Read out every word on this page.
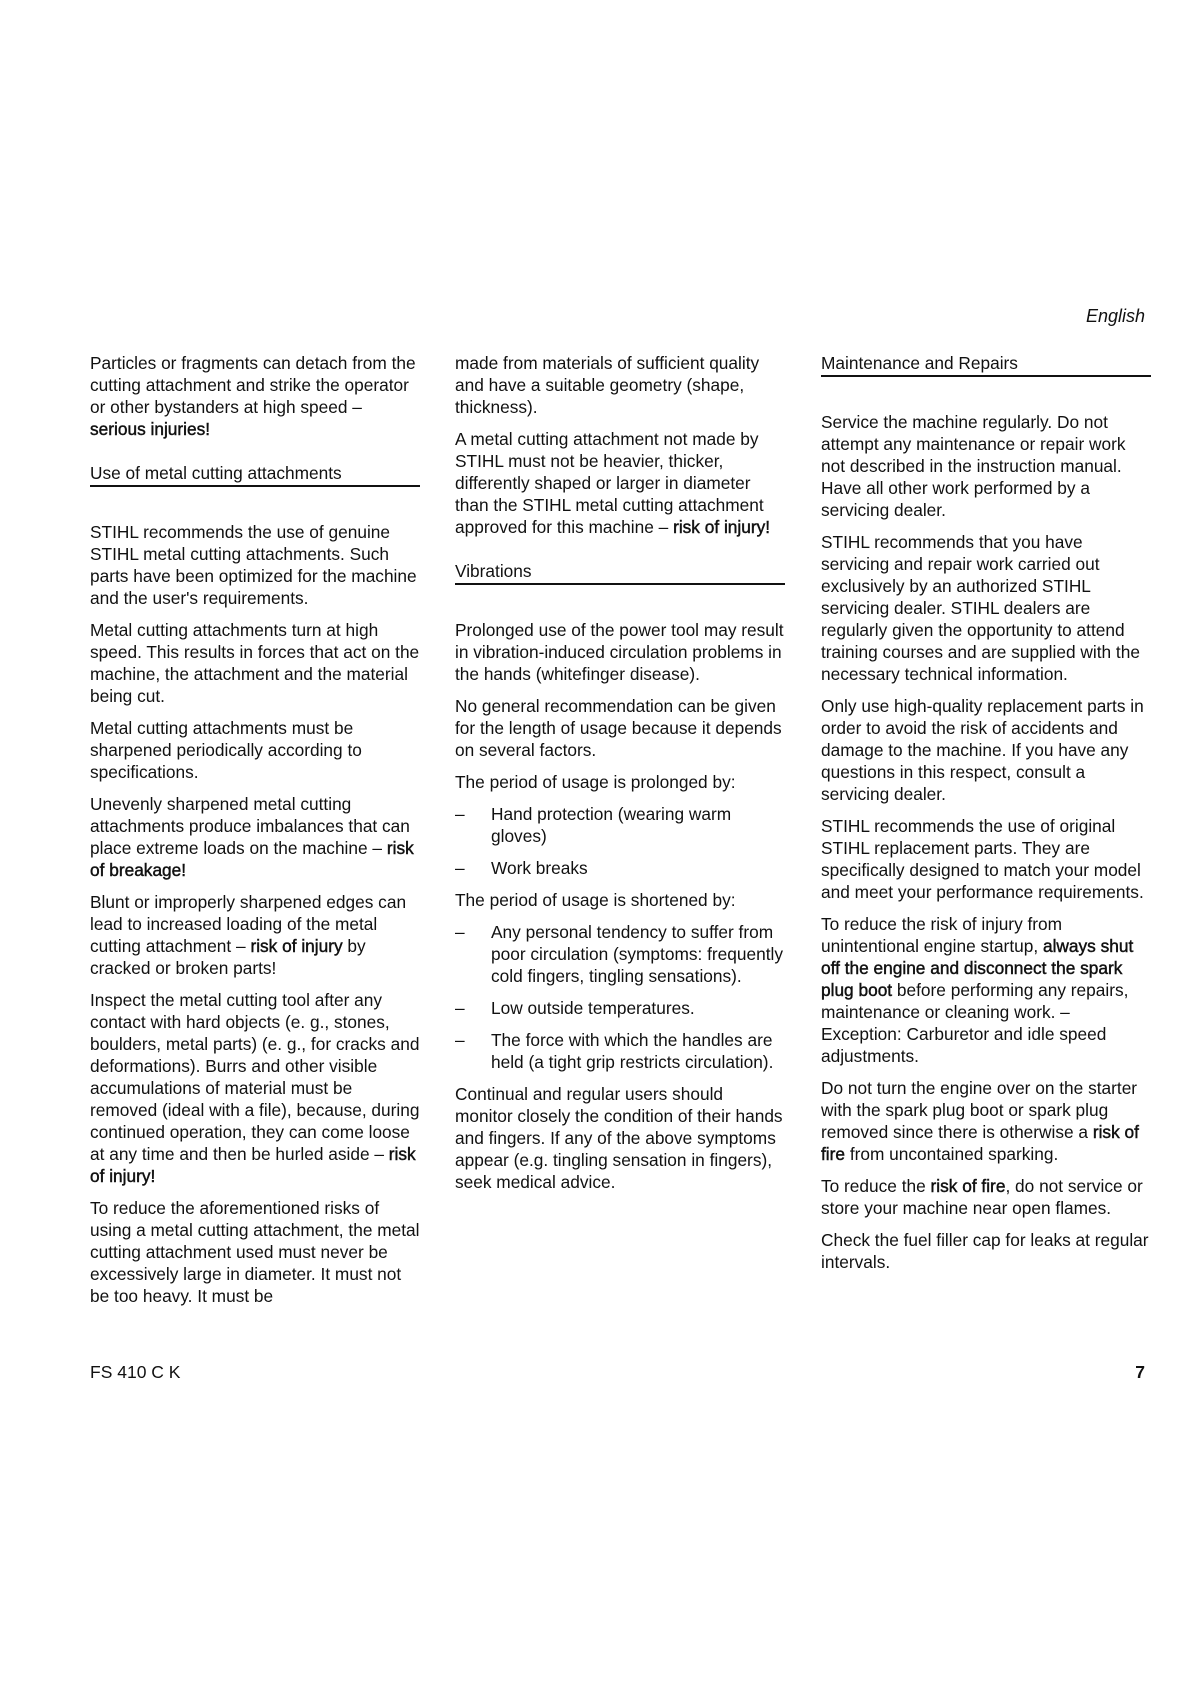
English

Particles or fragments can detach from the cutting attachment and strike the operator or other bystanders at high speed – serious injuries!

Use of metal cutting attachments

STIHL recommends the use of genuine STIHL metal cutting attachments. Such parts have been optimized for the machine and the user's requirements.

Metal cutting attachments turn at high speed. This results in forces that act on the machine, the attachment and the material being cut.

Metal cutting attachments must be sharpened periodically according to specifications.

Unevenly sharpened metal cutting attachments produce imbalances that can place extreme loads on the machine – risk of breakage!

Blunt or improperly sharpened edges can lead to increased loading of the metal cutting attachment – risk of injury by cracked or broken parts!

Inspect the metal cutting tool after any contact with hard objects (e. g., stones, boulders, metal parts) (e. g., for cracks and deformations). Burrs and other visible accumulations of material must be removed (ideal with a file), because, during continued operation, they can come loose at any time and then be hurled aside – risk of injury!

To reduce the aforementioned risks of using a metal cutting attachment, the metal cutting attachment used must never be excessively large in diameter. It must not be too heavy. It must be

made from materials of sufficient quality and have a suitable geometry (shape, thickness).

A metal cutting attachment not made by STIHL must not be heavier, thicker, differently shaped or larger in diameter than the STIHL metal cutting attachment approved for this machine – risk of injury!

Vibrations

Prolonged use of the power tool may result in vibration-induced circulation problems in the hands (whitefinger disease).

No general recommendation can be given for the length of usage because it depends on several factors.

The period of usage is prolonged by:

–	Hand protection (wearing warm gloves)
–	Work breaks

The period of usage is shortened by:

–	Any personal tendency to suffer from poor circulation (symptoms: frequently cold fingers, tingling sensations).
–	Low outside temperatures.
–	The force with which the handles are held (a tight grip restricts circulation).

Continual and regular users should monitor closely the condition of their hands and fingers. If any of the above symptoms appear (e.g. tingling sensation in fingers), seek medical advice.

Maintenance and Repairs

Service the machine regularly. Do not attempt any maintenance or repair work not described in the instruction manual. Have all other work performed by a servicing dealer.

STIHL recommends that you have servicing and repair work carried out exclusively by an authorized STIHL servicing dealer. STIHL dealers are regularly given the opportunity to attend training courses and are supplied with the necessary technical information.

Only use high-quality replacement parts in order to avoid the risk of accidents and damage to the machine. If you have any questions in this respect, consult a servicing dealer.

STIHL recommends the use of original STIHL replacement parts. They are specifically designed to match your model and meet your performance requirements.

To reduce the risk of injury from unintentional engine startup, always shut off the engine and disconnect the spark plug boot before performing any repairs, maintenance or cleaning work. – Exception: Carburetor and idle speed adjustments.

Do not turn the engine over on the starter with the spark plug boot or spark plug removed since there is otherwise a risk of fire from uncontained sparking.

To reduce the risk of fire, do not service or store your machine near open flames.

Check the fuel filler cap for leaks at regular intervals.

FS 410 C K	7
